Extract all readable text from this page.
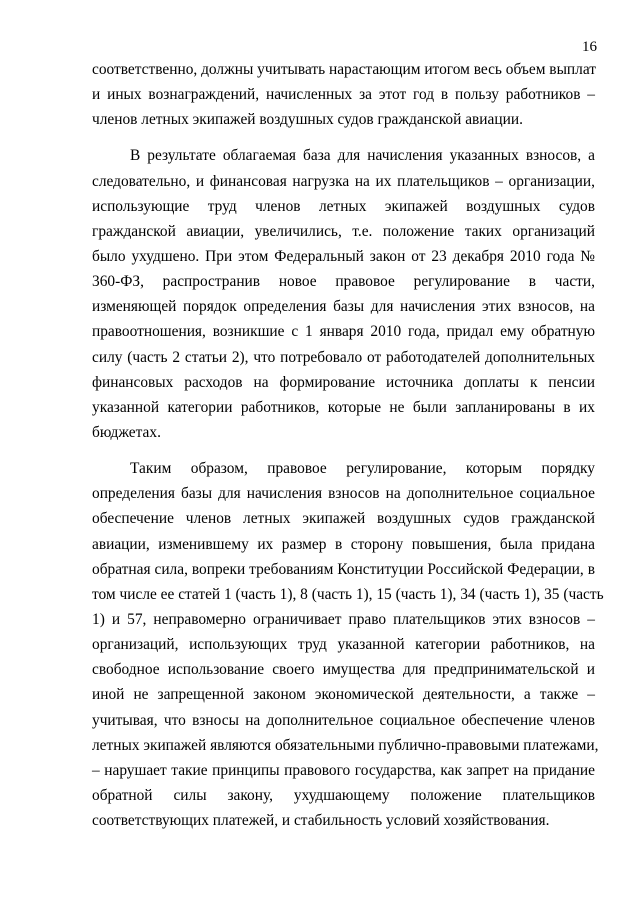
16
соответственно, должны учитывать нарастающим итогом весь объем выплат
и иных вознаграждений, начисленных за этот год в пользу работников –
членов летных экипажей воздушных судов гражданской авиации.
В результате облагаемая база для начисления указанных взносов, а
следовательно, и финансовая нагрузка на их плательщиков – организации,
использующие труд членов летных экипажей воздушных судов
гражданской авиации, увеличились, т.е. положение таких организаций
было ухудшено. При этом Федеральный закон от 23 декабря 2010 года №
360-ФЗ, распространив новое правовое регулирование в части,
изменяющей порядок определения базы для начисления этих взносов, на
правоотношения, возникшие с 1 января 2010 года, придал ему обратную
силу (часть 2 статьи 2), что потребовало от работодателей дополнительных
финансовых расходов на формирование источника доплаты к пенсии
указанной категории работников, которые не были запланированы в их
бюджетах.
Таким образом, правовое регулирование, которым порядку
определения базы для начисления взносов на дополнительное социальное
обеспечение членов летных экипажей воздушных судов гражданской
авиации, изменившему их размер в сторону повышения, была придана
обратная сила, вопреки требованиям Конституции Российской Федерации, в
том числе ее статей 1 (часть 1), 8 (часть 1), 15 (часть 1), 34 (часть 1), 35 (часть
1) и 57, неправомерно ограничивает право плательщиков этих взносов –
организаций, использующих труд указанной категории работников, на
свободное использование своего имущества для предпринимательской и
иной не запрещенной законом экономической деятельности, а также –
учитывая, что взносы на дополнительное социальное обеспечение членов
летных экипажей являются обязательными публично-правовыми платежами,
– нарушает такие принципы правового государства, как запрет на придание
обратной силы закону, ухудшающему положение плательщиков
соответствующих платежей, и стабильность условий хозяйствования.
